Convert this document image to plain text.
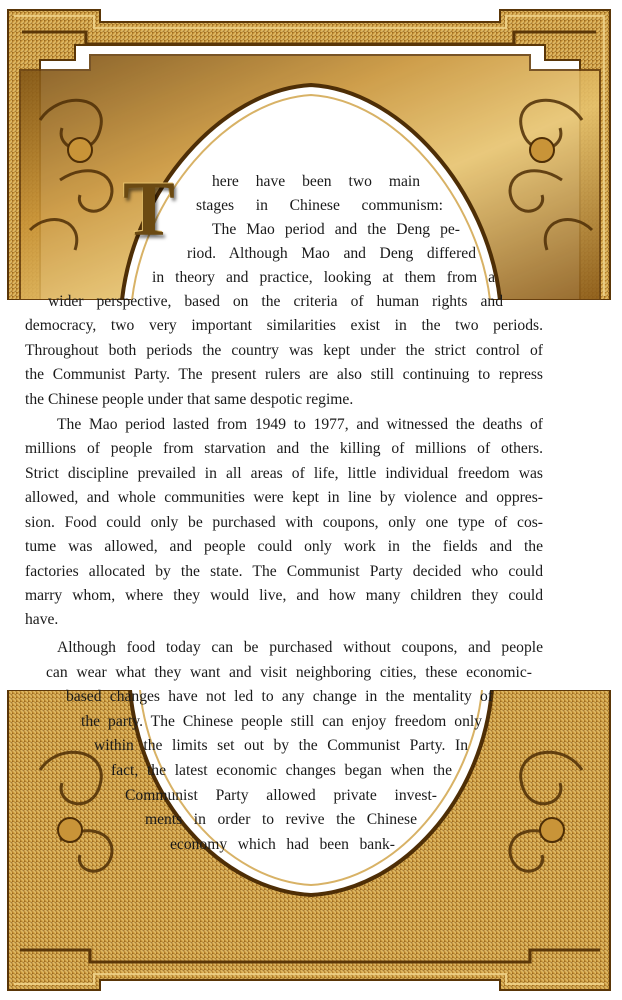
T	here have been two main
stages in Chinese communism:
The Mao period and the Deng pe-
riod. Although Mao and Deng differed
in theory and practice, looking at them from a
wider perspective, based on the criteria of human rights and
democracy, two very important similarities exist in the two periods.
Throughout both periods the country was kept under the strict control of
the Communist Party. The present rulers are also still continuing to repress
the Chinese people under that same despotic regime.
The Mao period lasted from 1949 to 1977, and witnessed the deaths of
millions of people from starvation and the killing of millions of others.
Strict discipline prevailed in all areas of life, little individual freedom was
allowed, and whole communities were kept in line by violence and oppres-
sion. Food could only be purchased with coupons, only one type of cos-
tume was allowed, and people could only work in the fields and the
factories allocated by the state. The Communist Party decided who could
marry whom, where they would live, and how many children they could
have.
Although food today can be purchased without coupons, and people
can wear what they want and visit neighboring cities, these economic-
based changes have not led to any change in the mentality of
the party. The Chinese people still can enjoy freedom only
within the limits set out by the Communist Party. In
fact, the latest economic changes began when the
Communist Party allowed private invest-
ments in order to revive the Chinese
economy which had been bank-
